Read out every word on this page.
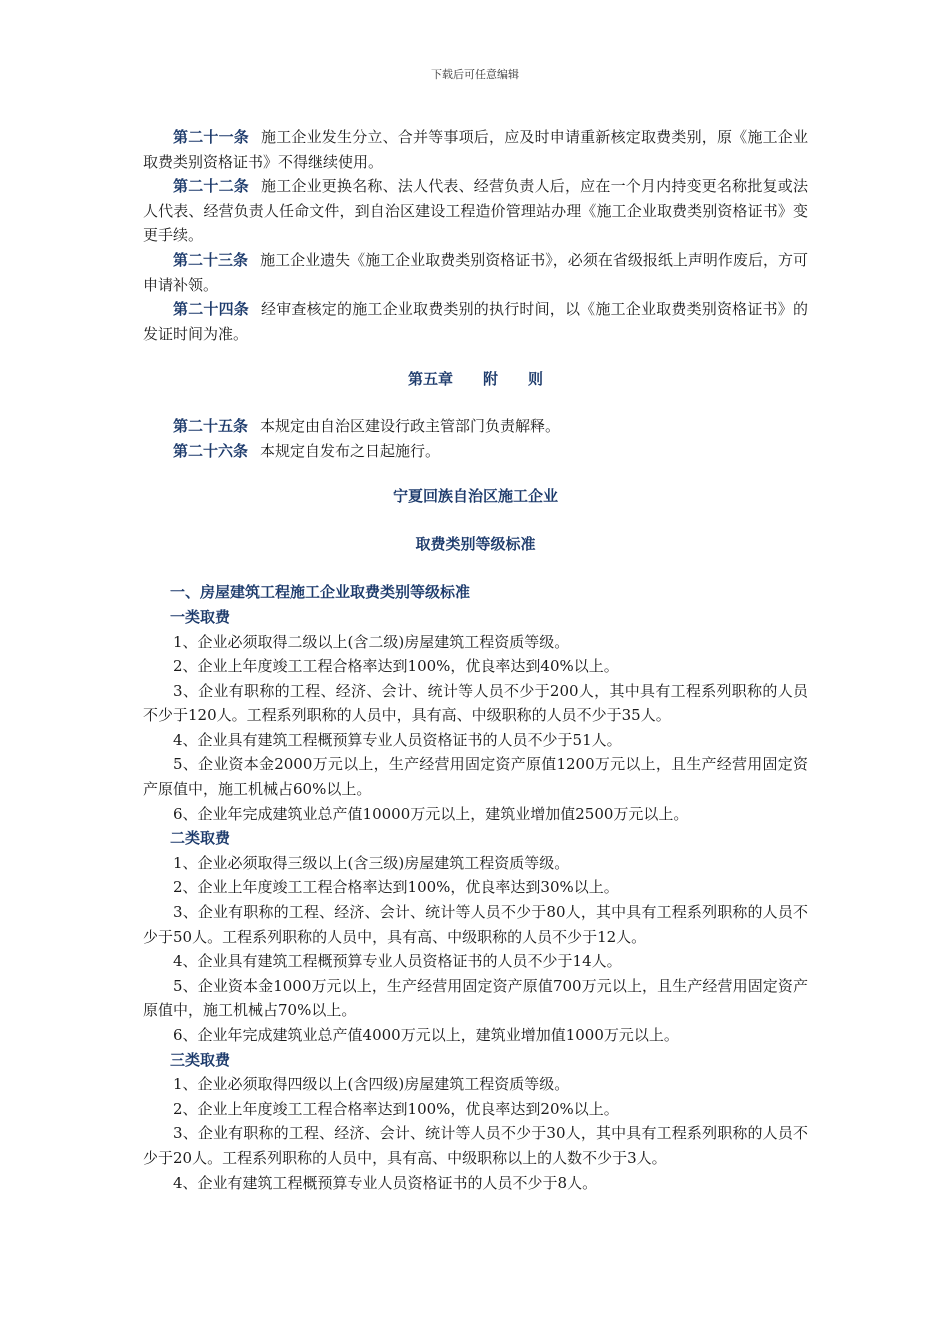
下载后可任意编辑

第二十一条 施工企业发生分立、合并等事项后，应及时申请重新核定取费类别，原《施工企业取费类别资格证书》不得继续使用。

第二十二条 施工企业更换名称、法人代表、经营负责人后，应在一个月内持变更名称批复或法人代表、经营负责人任命文件，到自治区建设工程造价管理站办理《施工企业取费类别资格证书》变更手续。

第二十三条 施工企业遗失《施工企业取费类别资格证书》，必须在省级报纸上声明作废后，方可申请补领。

第二十四条 经审查核定的施工企业取费类别的执行时间，以《施工企业取费类别资格证书》的发证时间为准。

第五章　　附　　则

第二十五条 本规定由自治区建设行政主管部门负责解释。

第二十六条 本规定自发布之日起施行。

宁夏回族自治区施工企业
取费类别等级标准
一、房屋建筑工程施工企业取费类别等级标准
一类取费

1、企业必须取得二级以上(含二级)房屋建筑工程资质等级。

2、企业上年度竣工工程合格率达到100%，优良率达到40%以上。

3、企业有职称的工程、经济、会计、统计等人员不少于200人，其中具有工程系列职称的人员不少于120人。工程系列职称的人员中，具有高、中级职称的人员不少于35人。

4、企业具有建筑工程概预算专业人员资格证书的人员不少于51人。

5、企业资本金2000万元以上，生产经营用固定资产原值1200万元以上，且生产经营用固定资产原值中，施工机械占60%以上。

6、企业年完成建筑业总产值10000万元以上，建筑业增加值2500万元以上。

二类取费

1、企业必须取得三级以上(含三级)房屋建筑工程资质等级。

2、企业上年度竣工工程合格率达到100%，优良率达到30%以上。

3、企业有职称的工程、经济、会计、统计等人员不少于80人，其中具有工程系列职称的人员不少于50人。工程系列职称的人员中，具有高、中级职称的人员不少于12人。

4、企业具有建筑工程概预算专业人员资格证书的人员不少于14人。

5、企业资本金1000万元以上，生产经营用固定资产原值700万元以上，且生产经营用固定资产原值中，施工机械占70%以上。

6、企业年完成建筑业总产值4000万元以上，建筑业增加值1000万元以上。

三类取费

1、企业必须取得四级以上(含四级)房屋建筑工程资质等级。

2、企业上年度竣工工程合格率达到100%，优良率达到20%以上。

3、企业有职称的工程、经济、会计、统计等人员不少于30人，其中具有工程系列职称的人员不少于20人。工程系列职称的人员中，具有高、中级职称以上的人数不少于3人。

4、企业有建筑工程概预算专业人员资格证书的人员不少于8人。
